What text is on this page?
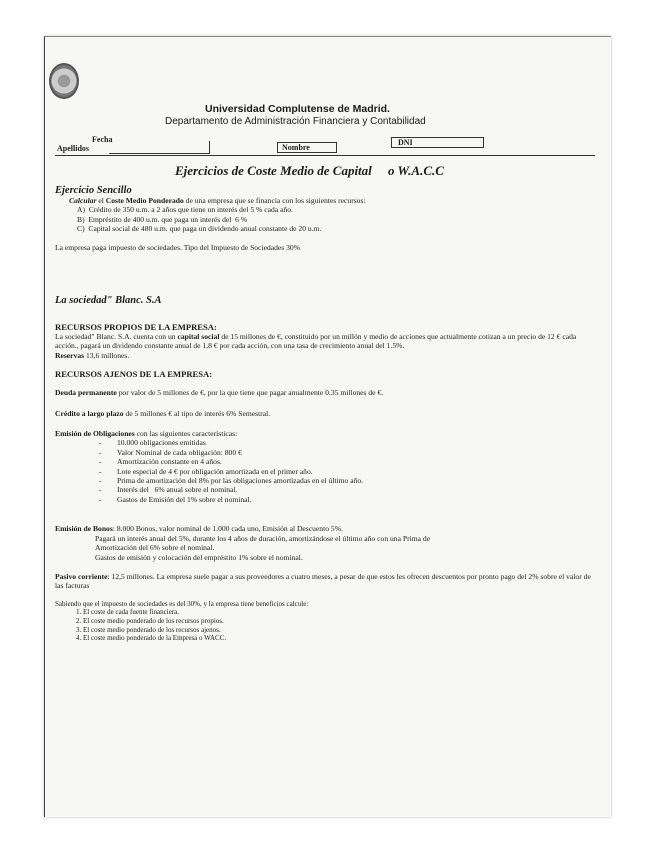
Universidad Complutense de Madrid.
Departamento de Administración Financiera y Contabilidad
Fecha
Apellidos	Nombre
DNI
Ejercicios de Coste Medio de Capital     o W.A.C.C
Ejercicio Sencillo
Calcular el Coste Medio Ponderado de una empresa que se financia con los siguientes recursos:
A)  Crédito de 350 u.m. a 2 años que tiene un interés del 5 % cada año.
B)  Empréstito de 400 u.m. que paga un interés del  6 %
C)  Capital social de 480 u.m. que paga un dividendo anual constante de 20 u.m.
La empresa paga impuesto de sociedades. Tipo del Impuesto de Sociedades 30%
La sociedad" Blanc. S.A
RECURSOS PROPIOS DE LA EMPRESA:
La sociedad" Blanc. S.A. cuenta con un capital social de 15 millones de €, constituido por un millón y medio de acciones que actualmente cotizan a un precio de 12 € cada acción., pagará un dividendo constante anual de 1,8 € por cada acción, con una tasa de crecimiento anual del 1.5%.
Reservas 13,6 millones.
RECURSOS AJENOS DE LA EMPRESA:
Deuda permanente por valor de 5 millones de €, por la que tiene que pagar anualmente 0.35 millones de €.
Crédito a largo plazo de 5 millones € al tipo de interés 6% Semestral.
Emisión de Obligaciones con las siguientes características:
- 10.000 obligaciones emitidas
- Valor Nominal de cada obligación: 800 €
- Amortización constante en 4 años.
- Lote especial de 4 € por obligación amortizada en el primer año.
- Prima de amortización del 8% por las obligaciones amortizadas en el último año.
- Interés del   6% anual sobre el nominal.
- Gastos de Emisión del 1% sobre el nominal.
Emisión de Bonos: 8.000 Bonos, valor nominal de 1.000 cada uno, Emisión al Descuento 5%.
Pagará un interés anual del 5%, durante los 4 años de duración, amortizándose el último año con una Prima de
Amortización del 6% sobre el nominal.
Gastos de emisión y colocación del empréstito 1% sobre el nominal.
Pasivo corriente: 12,5 millones. La empresa suele pagar a sus proveedores a cuatro meses, a pesar de que estos les ofrecen descuentos por pronto pago del 2% sobre el valor de las facturas
Sabiendo que el impuesto de sociedades es del 30%, y la empresa tiene beneficios calcule:
1. El coste de cada fuente financiera.
2. El coste medio ponderado de los recursos propios.
3. El coste medio ponderado de los recursos ajenos.
4. El coste medio ponderado de la Empresa o WACC.
